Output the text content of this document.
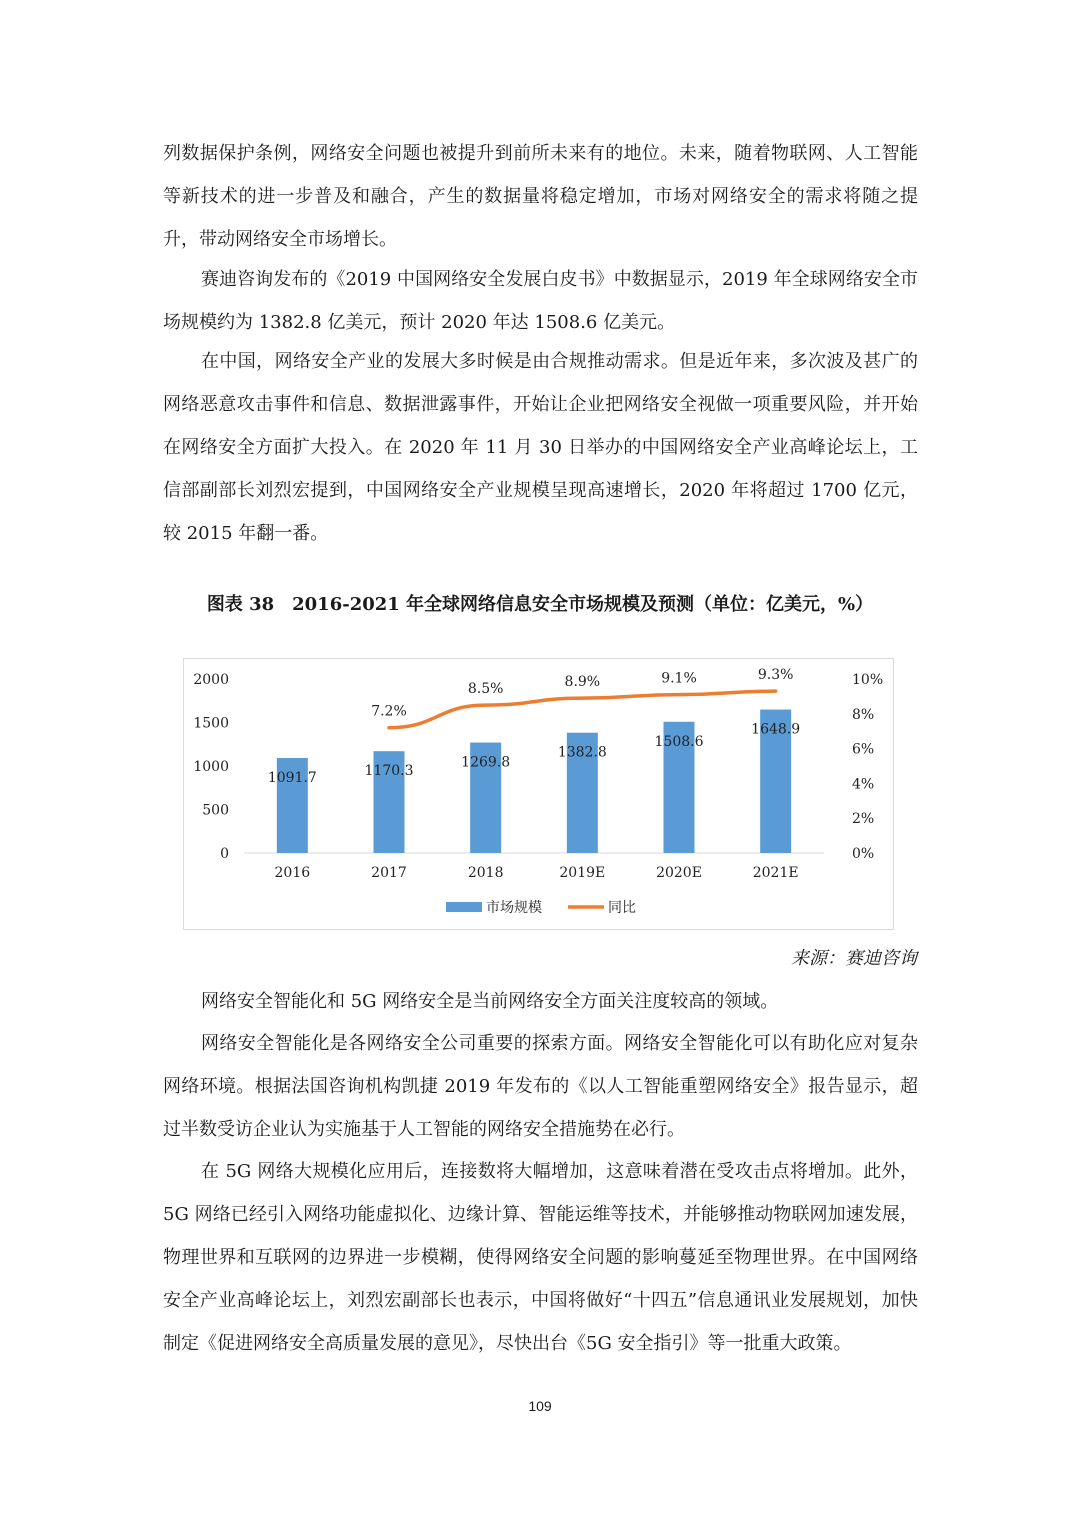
列数据保护条例，网络安全问题也被提升到前所未来有的地位。未来，随着物联网、人工智能等新技术的进一步普及和融合，产生的数据量将稳定增加，市场对网络安全的需求将随之提升，带动网络安全市场增长。

赛迪咨询发布的《2019 中国网络安全发展白皮书》中数据显示，2019 年全球网络安全市场规模约为 1382.8 亿美元，预计 2020 年达 1508.6 亿美元。

在中国，网络安全产业的发展大多时候是由合规推动需求。但是近年来，多次波及甚广的网络恶意攻击事件和信息、数据泄露事件，开始让企业把网络安全视做一项重要风险，并开始在网络安全方面扩大投入。在 2020 年 11 月 30 日举办的中国网络安全产业高峰论坛上，工信部副部长刘烈宏提到，中国网络安全产业规模呈现高速增长，2020 年将超过 1700 亿元，较 2015 年翻一番。

图表 38　2016-2021 年全球网络信息安全市场规模及预测（单位：亿美元，%）
0
500
1000
1500
2000
0%
2%
4%
6%
8%
10%
2016	2017	2018	2019E	2020E	2021E
1091.7	1170.3
1269.8
1382.8
1508.6
1648.9
7.2%
8.5%	8.9%	9.1%	9.3%
市场规模	同比
来源：赛迪咨询

网络安全智能化和 5G 网络安全是当前网络安全方面关注度较高的领域。

网络安全智能化是各网络安全公司重要的探索方面。网络安全智能化可以有助化应对复杂网络环境。根据法国咨询机构凯捷 2019 年发布的《以人工智能重塑网络安全》报告显示，超过半数受访企业认为实施基于人工智能的网络安全措施势在必行。

在 5G 网络大规模化应用后，连接数将大幅增加，这意味着潜在受攻击点将增加。此外，5G 网络已经引入网络功能虚拟化、边缘计算、智能运维等技术，并能够推动物联网加速发展，物理世界和互联网的边界进一步模糊，使得网络安全问题的影响蔓延至物理世界。在中国网络安全产业高峰论坛上，刘烈宏副部长也表示，中国将做好“十四五”信息通讯业发展规划，加快制定《促进网络安全高质量发展的意见》，尽快出台《5G 安全指引》等一批重大政策。

109
